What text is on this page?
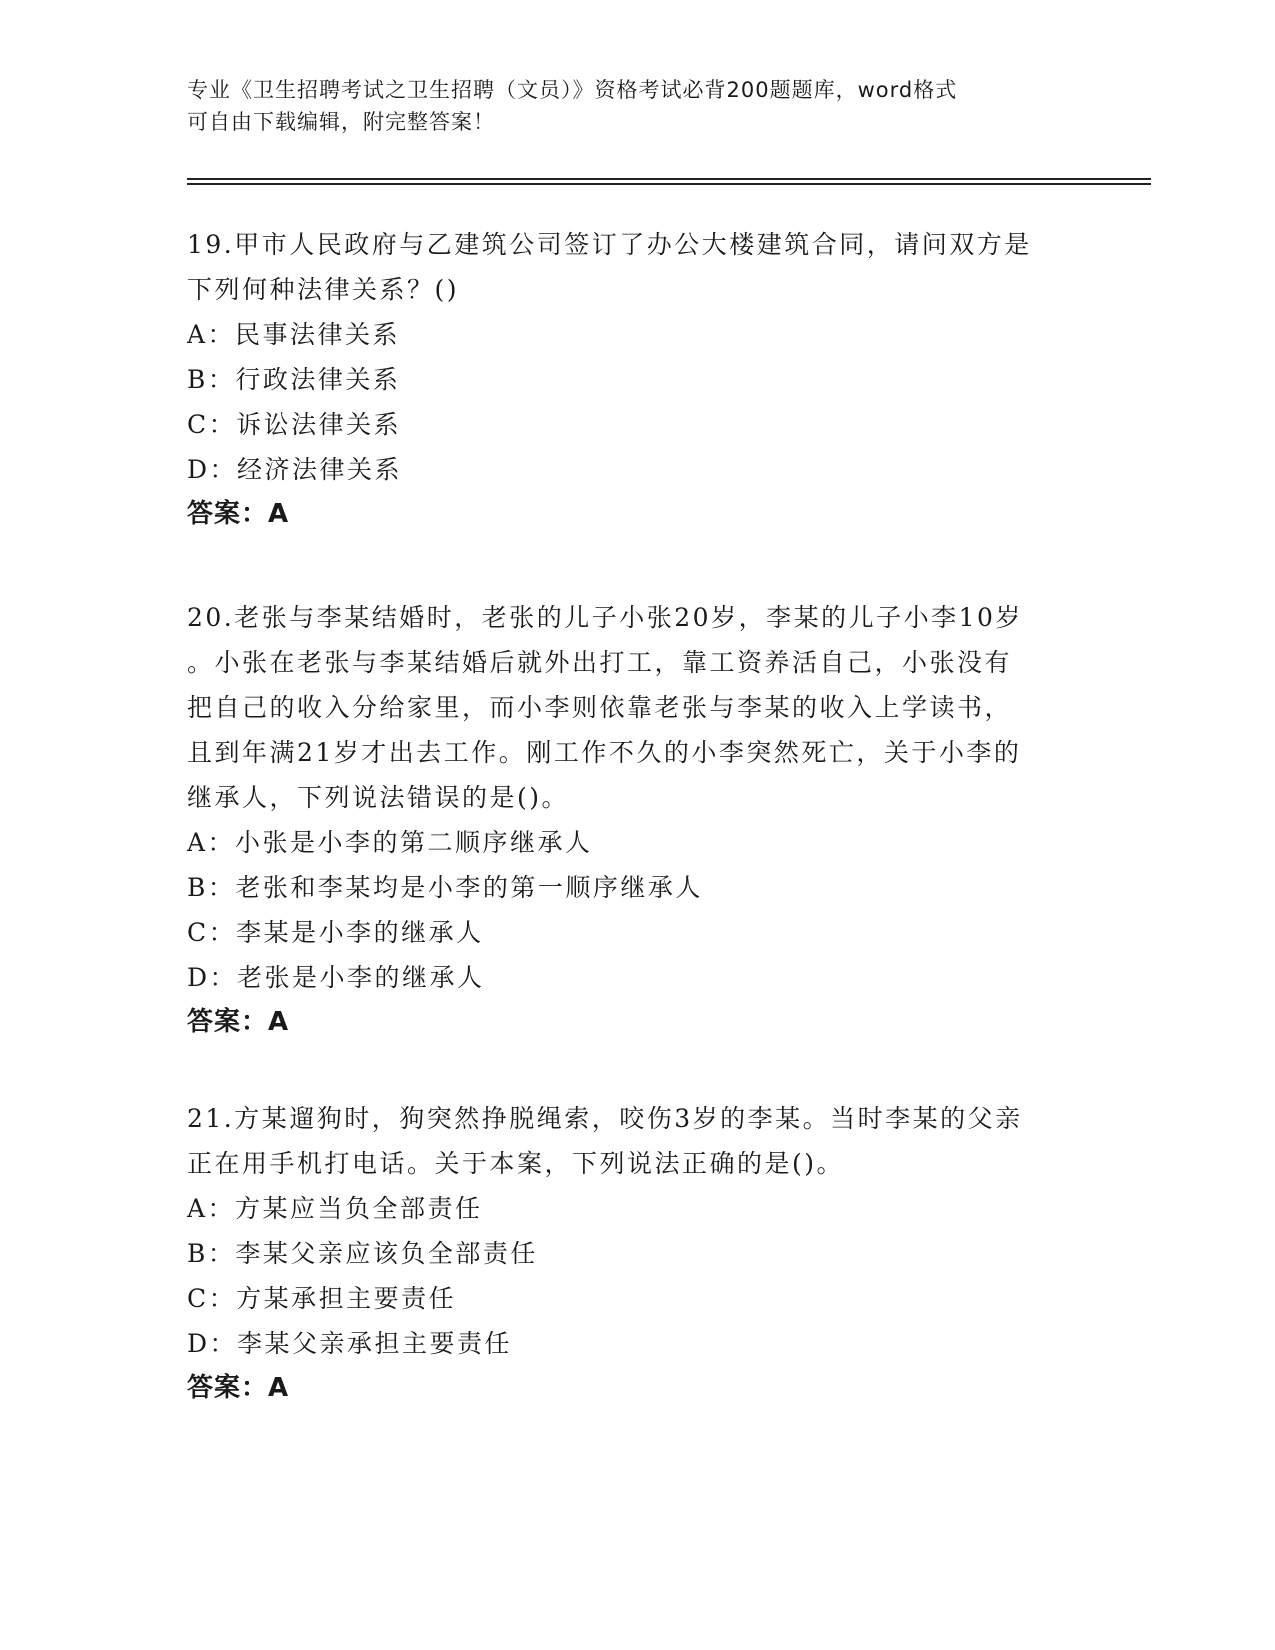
专业《卫生招聘考试之卫生招聘（文员）》资格考试必背200题题库，word格式
可自由下载编辑，附完整答案！

19.甲市人民政府与乙建筑公司签订了办公大楼建筑合同，请问双方是

下列何种法律关系？()

A：民事法律关系

B：行政法律关系

C：诉讼法律关系

D：经济法律关系

答案：A

20.老张与李某结婚时，老张的儿子小张20岁，李某的儿子小李10岁

。小张在老张与李某结婚后就外出打工，靠工资养活自己，小张没有

把自己的收入分给家里，而小李则依靠老张与李某的收入上学读书，

且到年满21岁才出去工作。刚工作不久的小李突然死亡，关于小李的

继承人，下列说法错误的是()。

A：小张是小李的第二顺序继承人

B：老张和李某均是小李的第一顺序继承人

C：李某是小李的继承人

D：老张是小李的继承人

答案：A

21.方某遛狗时，狗突然挣脱绳索，咬伤3岁的李某。当时李某的父亲

正在用手机打电话。关于本案，下列说法正确的是()。

A：方某应当负全部责任

B：李某父亲应该负全部责任

C：方某承担主要责任

D：李某父亲承担主要责任

答案：A
